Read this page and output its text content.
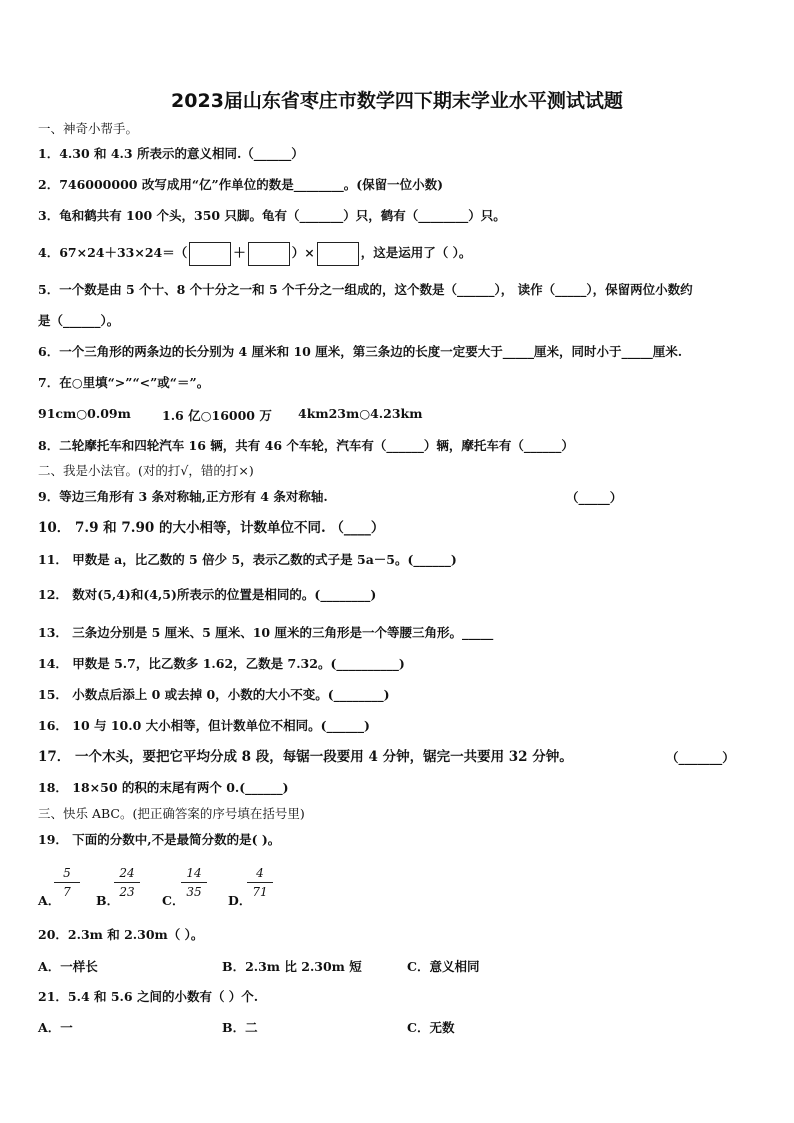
2023届山东省枣庄市数学四下期末学业水平测试试题
一、神奇小帮手。
1．4.30 和 4.3 所表示的意义相同.（______）
2．746000000 改写成用“亿”作单位的数是________。(保留一位小数)
3．龟和鹤共有 100 个头，350 只脚。龟有（_______）只，鹤有（________）只。
4．67×24＋33×24＝（	＋	）×	，这是运用了（ ）。
5．一个数是由 5 个十、8 个十分之一和 5 个千分之一组成的，这个数是（______）， 读作（_____），保留两位小数约
是（______）。
6．一个三角形的两条边的长分别为 4 厘米和 10 厘米，第三条边的长度一定要大于_____厘米，同时小于_____厘米.
7．在○里填“>”“<”或“＝”。
91cm○0.09m 1.6 亿○16000 万 4km23m○4.23km
8．二轮摩托车和四轮汽车 16 辆，共有 46 个车轮，汽车有（______）辆，摩托车有（______）
二、我是小法官。(对的打√，错的打×)
9．等边三角形有 3 条对称轴,正方形有 4 条对称轴.	（_____）
10． 7.9 和 7.90 的大小相等，计数单位不同. （____）
11． 甲数是 a，比乙数的 5 倍少 5，表示乙数的式子是 5a－5。(______)
12． 数对(5,4)和(4,5)所表示的位置是相同的。(________)
13． 三条边分别是 5 厘米、5 厘米、10 厘米的三角形是一个等腰三角形。_____
14． 甲数是 5.7，比乙数多 1.62，乙数是 7.32。(__________)
15． 小数点后添上 0 或去掉 0，小数的大小不变。(________)
16． 10 与 10.0 大小相等，但计数单位不相同。(______)
17． 一个木头，要把它平均分成 8 段，每锯一段要用 4 分钟，锯完一共要用 32 分钟。	（_______）
18． 18×50 的积的末尾有两个 0.(______)
三、快乐 ABC。(把正确答案的序号填在括号里)
19． 下面的分数中,不是最简分数的是( )。
A．
5
7
B．
24
23
C．
14
35
D．
4
71
20．2.3m 和 2.30m（ ）。
A．一样长	B．2.3m 比 2.30m 短	C．意义相同
21．5.4 和 5.6 之间的小数有（ ）个.
A．一	B．二	C．无数
